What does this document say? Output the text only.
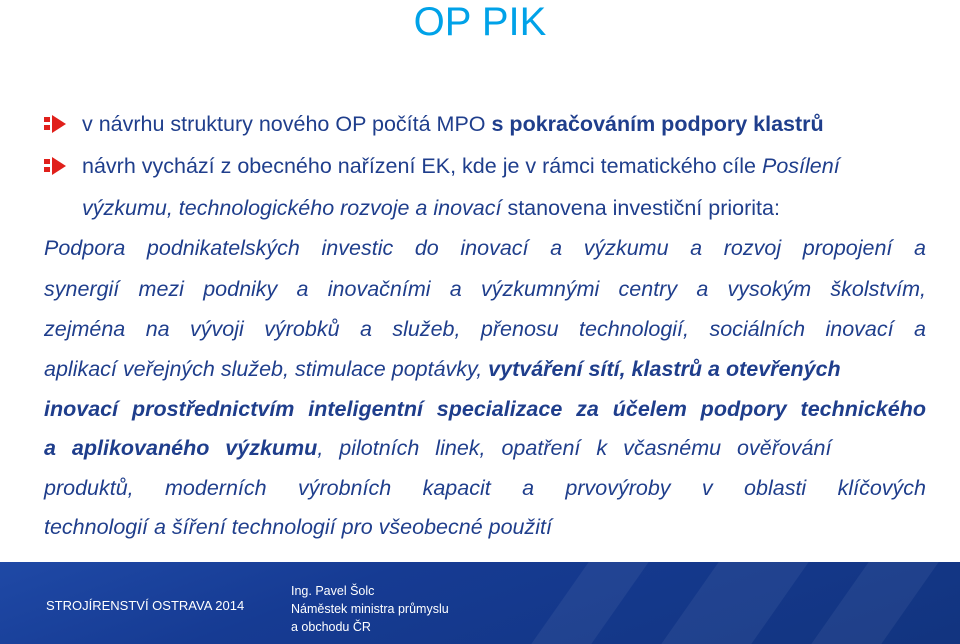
OP PIK
v návrhu struktury nového OP počítá MPO s pokračováním podpory klastrů
návrh vychází z obecného nařízení EK, kde je v rámci tematického cíle Posílení
výzkumu, technologického rozvoje a inovací stanovena investiční priorita:
Podpora podnikatelských investic do inovací a výzkumu a rozvoj propojení a
synergií mezi podniky a inovačními a výzkumnými centry a vysokým školstvím,
zejména na vývoji výrobků a služeb, přenosu technologií, sociálních inovací a
aplikací veřejných služeb, stimulace poptávky, vytváření sítí, klastrů a otevřených
inovací prostřednictvím inteligentní specializace za účelem podpory technického
a aplikovaného výzkumu, pilotních linek, opatření k včasnému ověřování
produktů, moderních výrobních kapacit a prvovýroby v oblasti klíčových
technologií a šíření technologií pro všeobecné použití
STROJÍRENSTVÍ OSTRAVA 2014
Ing. Pavel Šolc
Náměstek ministra průmyslu
a obchodu ČR
